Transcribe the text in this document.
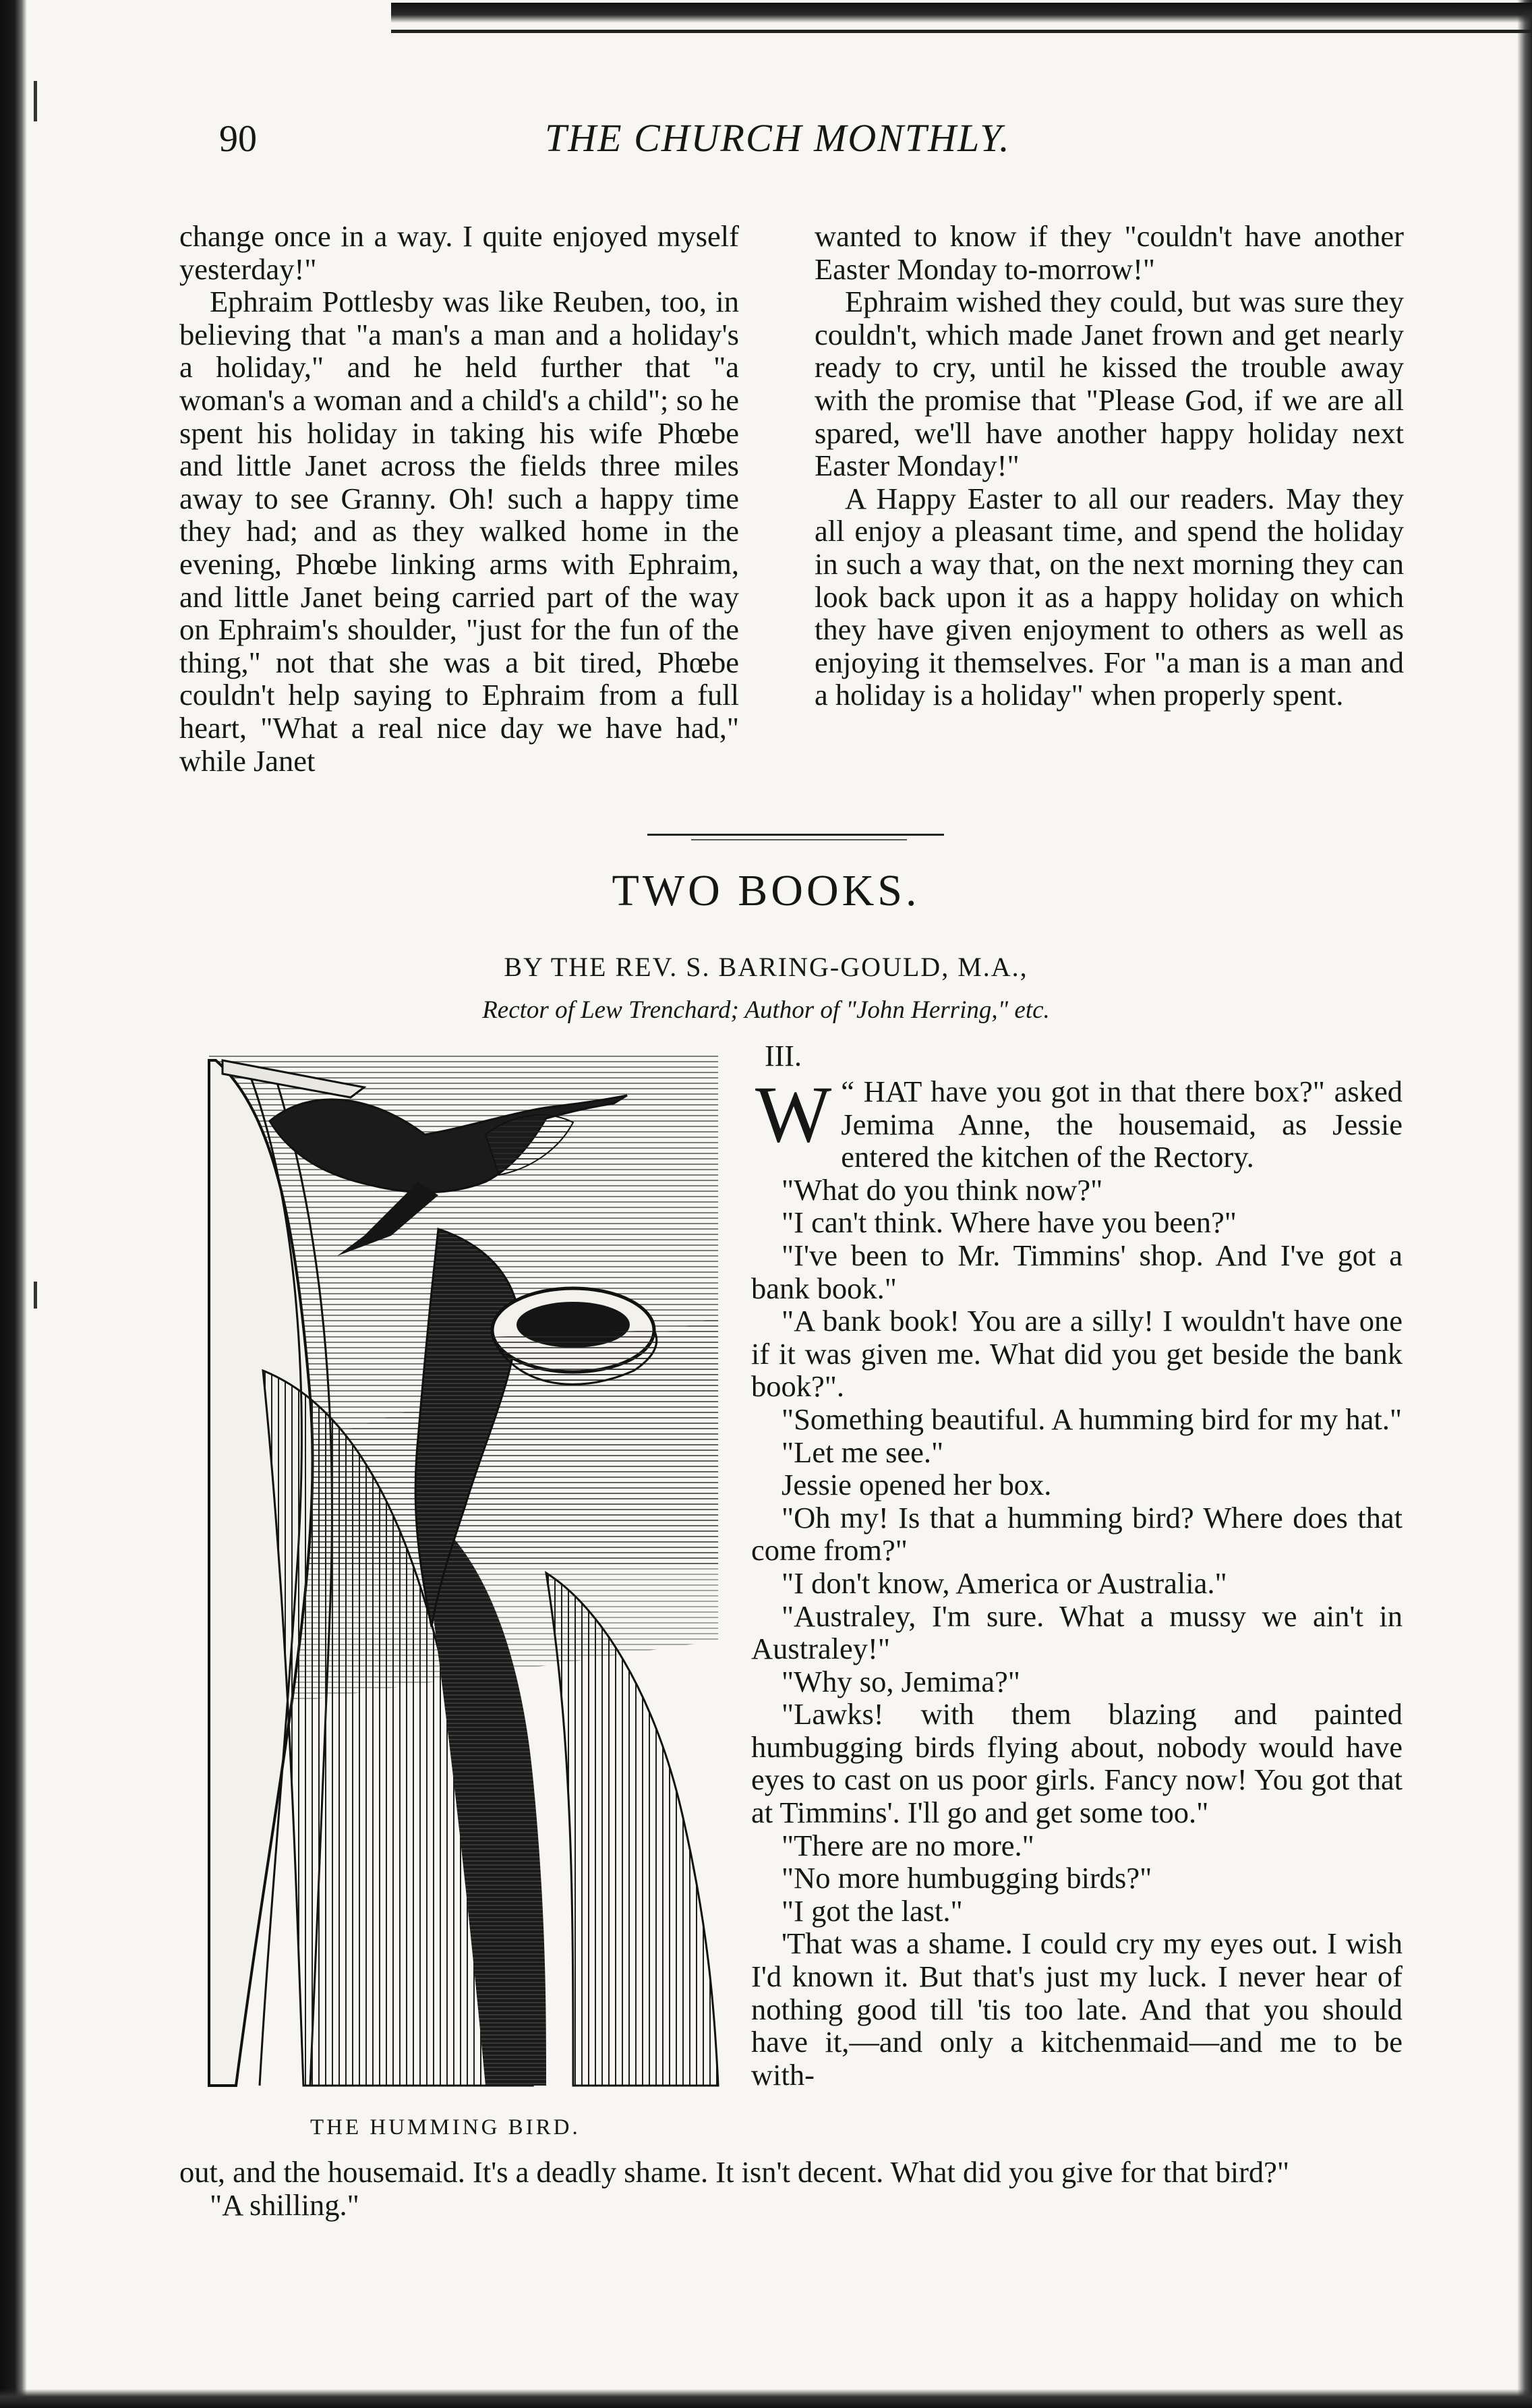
90	THE CHURCH MONTHLY.

change once in a way. I quite enjoyed myself yesterday!"

Ephraim Pottlesby was like Reuben, too, in believing that "a man's a man and a holiday's a holiday," and he held further that "a woman's a woman and a child's a child"; so he spent his holiday in taking his wife Phœbe and little Janet across the fields three miles away to see Granny. Oh! such a happy time they had; and as they walked home in the evening, Phœbe linking arms with Ephraim, and little Janet being carried part of the way on Ephraim's shoulder, "just for the fun of the thing," not that she was a bit tired, Phœbe couldn't help saying to Ephraim from a full heart, "What a real nice day we have had," while Janet

wanted to know if they "couldn't have another Easter Monday to-morrow!"

Ephraim wished they could, but was sure they couldn't, which made Janet frown and get nearly ready to cry, until he kissed the trouble away with the promise that "Please God, if we are all spared, we'll have another happy holiday next Easter Monday!"

A Happy Easter to all our readers. May they all enjoy a pleasant time, and spend the holiday in such a way that, on the next morning they can look back upon it as a happy holiday on which they have given enjoyment to others as well as enjoying it themselves. For "a man is a man and a holiday is a holiday" when properly spent.

TWO BOOKS.
BY THE REV. S. BARING-GOULD, M.A.,
Rector of Lew Trenchard; Author of "John Herring," etc.
THE HUMMING BIRD.
III.

“
W HAT have you got in that there box?" asked Jemima Anne, the housemaid, as Jessie entered the kitchen of the Rectory.

"What do you think now?"

"I can't think. Where have you been?"

"I've been to Mr. Timmins' shop. And I've got a bank book."

"A bank book! You are a silly! I wouldn't have one if it was given me. What did you get beside the bank book?".

"Something beautiful. A humming bird for my hat."

"Let me see."

Jessie opened her box.

"Oh my! Is that a humming bird? Where does that come from?"

"I don't know, America or Australia."

"Australey, I'm sure. What a mussy we ain't in Australey!"

"Why so, Jemima?"

"Lawks! with them blazing and painted humbugging birds flying about, nobody would have eyes to cast on us poor girls. Fancy now! You got that at Timmins'. I'll go and get some too."

"There are no more."

"No more humbugging birds?"

"I got the last."

'That was a shame. I could cry my eyes out. I wish I'd known it. But that's just my luck. I never hear of nothing good till 'tis too late. And that you should have it,—and only a kitchenmaid—and me to be with-

out, and the housemaid. It's a deadly shame. It isn't decent. What did you give for that bird?"

"A shilling."
